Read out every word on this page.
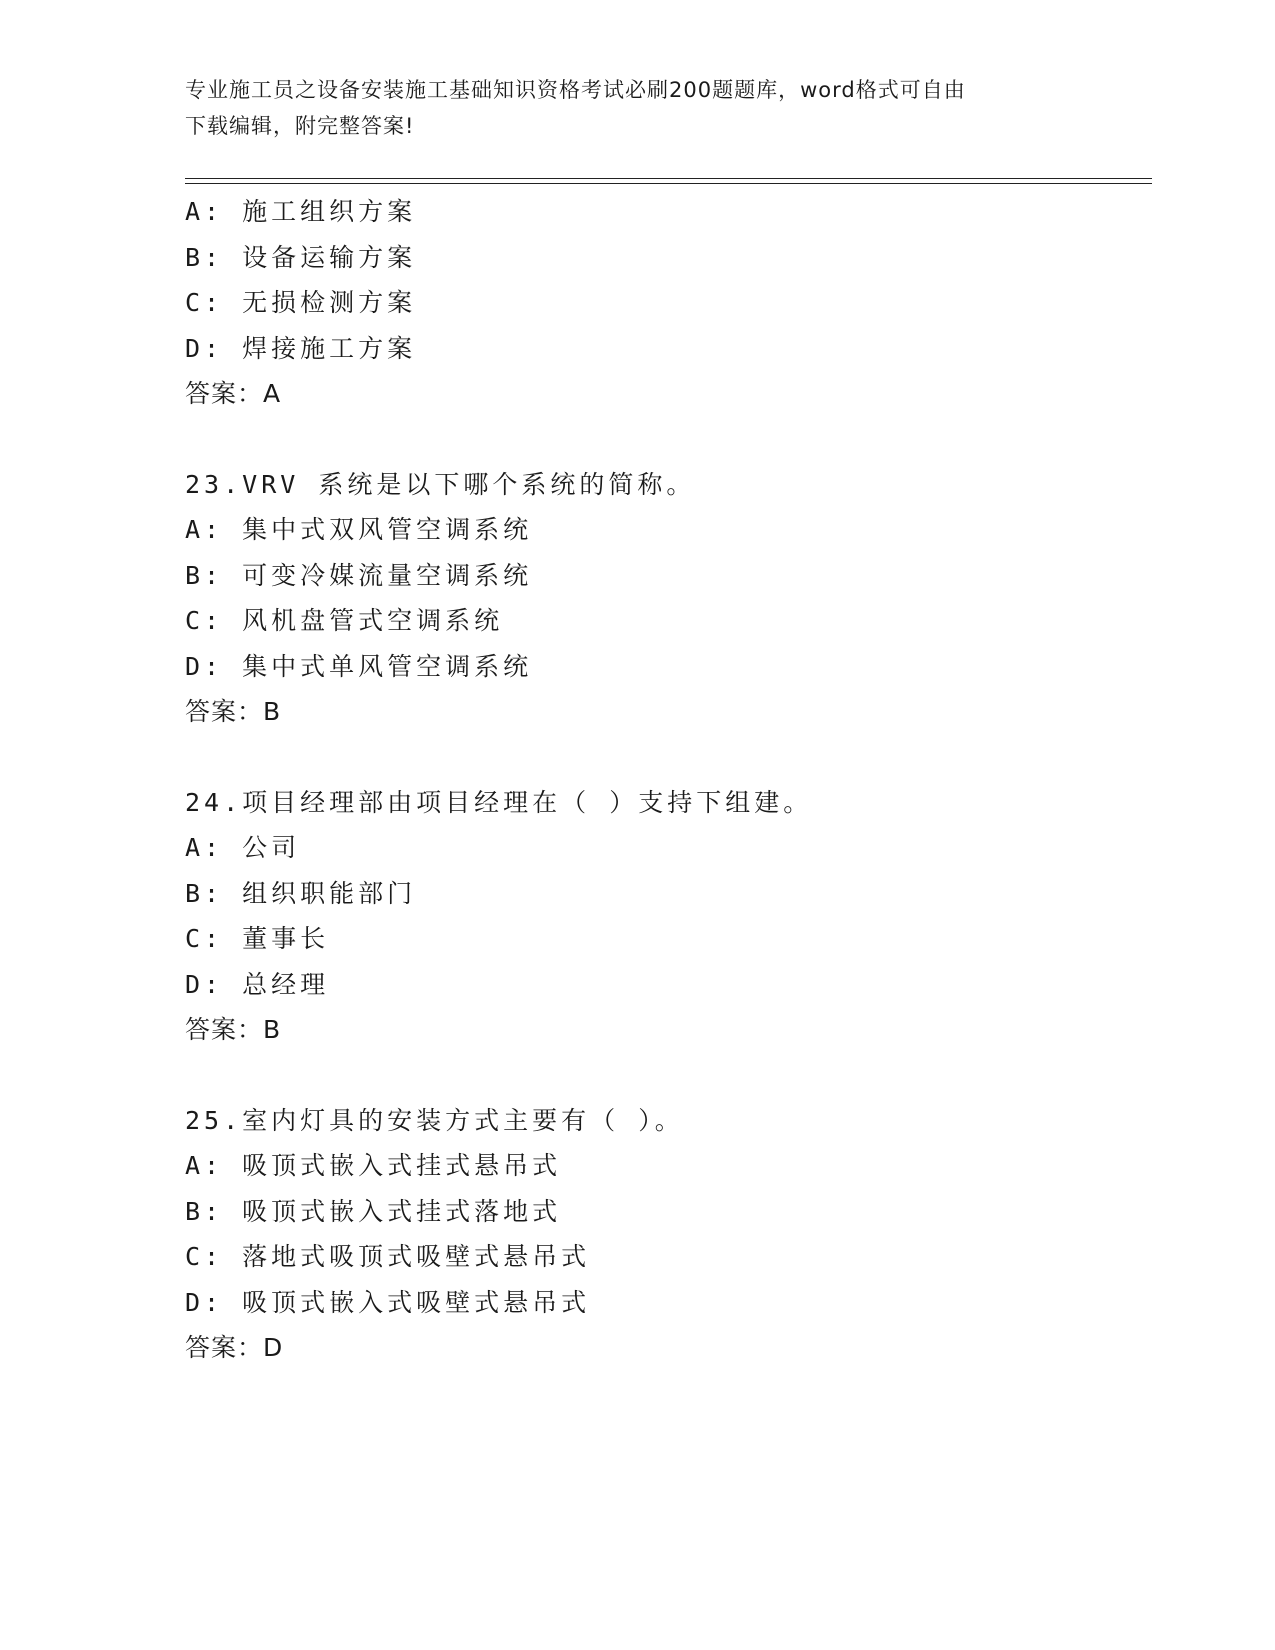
专业施工员之设备安装施工基础知识资格考试必刷200题题库，word格式可自由
下载编辑，附完整答案!
A: 施工组织方案
B: 设备运输方案
C: 无损检测方案
D: 焊接施工方案
答案：A
23.VRV 系统是以下哪个系统的简称。
A: 集中式双风管空调系统
B: 可变冷媒流量空调系统
C: 风机盘管式空调系统
D: 集中式单风管空调系统
答案：B
24.项目经理部由项目经理在（ ）支持下组建。
A: 公司
B: 组织职能部门
C: 董事长
D: 总经理
答案：B
25.室内灯具的安装方式主要有（ ）。
A: 吸顶式嵌入式挂式悬吊式
B: 吸顶式嵌入式挂式落地式
C: 落地式吸顶式吸壁式悬吊式
D: 吸顶式嵌入式吸壁式悬吊式
答案：D
